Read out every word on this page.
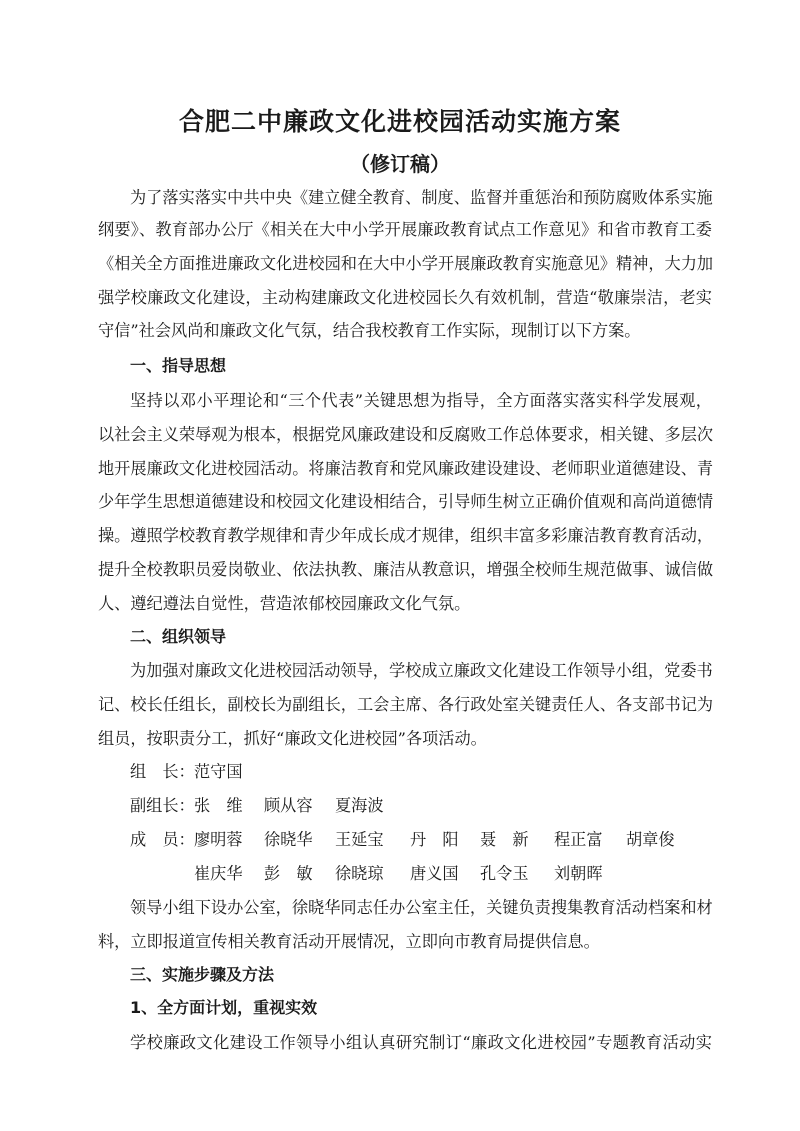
合肥二中廉政文化进校园活动实施方案
（修订稿）
为了落实落实中共中央《建立健全教育、制度、监督并重惩治和预防腐败体系实施
纲要》、教育部办公厅《相关在大中小学开展廉政教育试点工作意见》和省市教育工委
《相关全方面推进廉政文化进校园和在大中小学开展廉政教育实施意见》精神，大力加
强学校廉政文化建设，主动构建廉政文化进校园长久有效机制，营造“敬廉崇洁，老实
守信”社会风尚和廉政文化气氛，结合我校教育工作实际，现制订以下方案。
一、指导思想
坚持以邓小平理论和“三个代表”关键思想为指导，全方面落实落实科学发展观，
以社会主义荣辱观为根本，根据党风廉政建设和反腐败工作总体要求，相关键、多层次
地开展廉政文化进校园活动。将廉洁教育和党风廉政建设建设、老师职业道德建设、青
少年学生思想道德建设和校园文化建设相结合，引导师生树立正确价值观和高尚道德情
操。遵照学校教育教学规律和青少年成长成才规律，组织丰富多彩廉洁教育教育活动，
提升全校教职员爱岗敬业、依法执教、廉洁从教意识，增强全校师生规范做事、诚信做
人、遵纪遵法自觉性，营造浓郁校园廉政文化气氛。
二、组织领导
为加强对廉政文化进校园活动领导，学校成立廉政文化建设工作领导小组，党委书
记、校长任组长，副校长为副组长，工会主席、各行政处室关键责任人、各支部书记为
组员，按职责分工，抓好“廉政文化进校园”各项活动。
组　长： 范守国
副组长： 张　维 顾从容 夏海波
成　员： 廖明蓉 徐晓华 王延宝 丹　阳 聂　新 程正富 胡章俊
崔庆华 彭　敏 徐晓琼 唐义国 孔令玉 刘朝晖
领导小组下设办公室，徐晓华同志任办公室主任，关键负责搜集教育活动档案和材
料，立即报道宣传相关教育活动开展情况，立即向市教育局提供信息。
三、实施步骤及方法
1、全方面计划，重视实效
学校廉政文化建设工作领导小组认真研究制订“廉政文化进校园”专题教育活动实
